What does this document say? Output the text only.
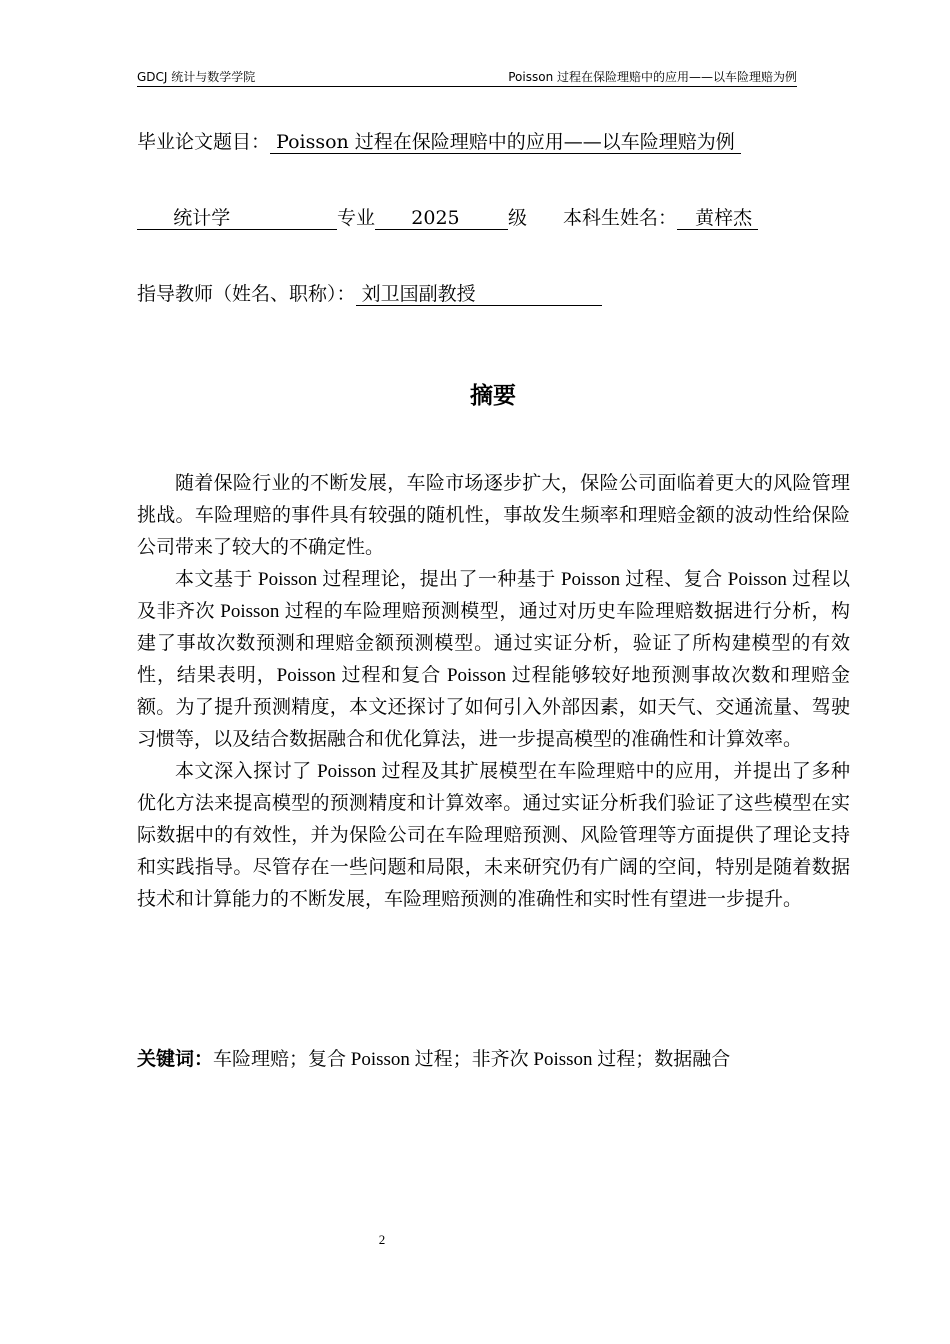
GDCJ 统计与数学学院	Poisson 过程在保险理赔中的应用——以车险理赔为例
毕业论文题目： Poisson 过程在保险理赔中的应用——以车险理赔为例
统计学	专业 2025	级 本科生姓名： 黄梓杰
指导教师（姓名、职称）： 刘卫国副教授
摘要

随着保险行业的不断发展，车险市场逐步扩大，保险公司面临着更大的风险管理挑战。车险理赔的事件具有较强的随机性，事故发生频率和理赔金额的波动性给保险公司带来了较大的不确定性。

本文基于 Poisson 过程理论，提出了一种基于 Poisson 过程、复合 Poisson 过程以及非齐次 Poisson 过程的车险理赔预测模型，通过对历史车险理赔数据进行分析，构建了事故次数预测和理赔金额预测模型。通过实证分析，验证了所构建模型的有效性，结果表明，Poisson 过程和复合 Poisson 过程能够较好地预测事故次数和理赔金额。为了提升预测精度，本文还探讨了如何引入外部因素，如天气、交通流量、驾驶习惯等，以及结合数据融合和优化算法，进一步提高模型的准确性和计算效率。

本文深入探讨了 Poisson 过程及其扩展模型在车险理赔中的应用，并提出了多种优化方法来提高模型的预测精度和计算效率。通过实证分析我们验证了这些模型在实际数据中的有效性，并为保险公司在车险理赔预测、风险管理等方面提供了理论支持和实践指导。尽管存在一些问题和局限，未来研究仍有广阔的空间，特别是随着数据技术和计算能力的不断发展，车险理赔预测的准确性和实时性有望进一步提升。

关键词：车险理赔；复合 Poisson 过程；非齐次 Poisson 过程；数据融合
2
